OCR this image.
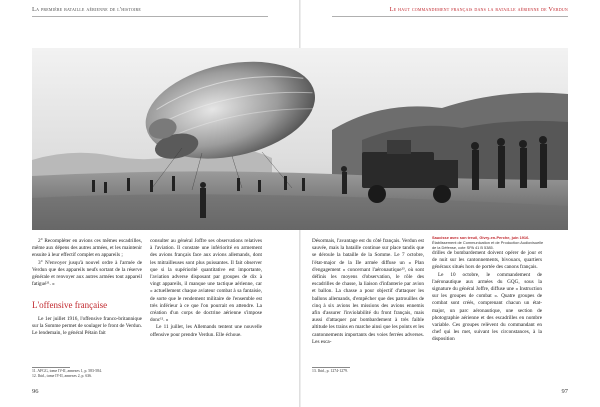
La première bataille aérienne de l'histoire	Le haut commandement français dans la bataille aérienne de Verdun

2° Recompléter en avions ces mêmes escadrilles, même aux dépens des autres armées, et les maintenir ensuite à leur effectif complet en appareils ;

3° N'envoyer jusqu'à nouvel ordre à l'armée de Verdun que des appareils neufs sortant de la réserve générale et renvoyer aux autres armées tout appareil fatigué¹¹. »

L'offensive française

Le 1er juillet 1916, l'offensive franco-britannique sur la Somme permet de soulager le front de Verdun. Le lendemain, le général Pétain fait

consulter au général Joffre ses observations relatives à l'aviation. Il constate une infériorité en armement des avions français face aux avions allemands, dont les mitrailleuses sont plus puissantes. Il fait observer que si la supériorité quantitative est importante, l'aviation adverse disposant par groupes de dix à vingt appareils, il manque une tactique aérienne, car « actuellement chaque aviateur combat à sa fantaisie, de sorte que le rendement militaire de l'ensemble est très inférieur à ce que l'on pourrait en attendre. La création d'un corps de doctrine aérienne s'impose donc¹². »

Le 11 juillet, les Allemands tentent une nouvelle offensive pour prendre Verdun. Elle échoue.

11. AFGG, tome IV-II, annexes 1, p. 583-584.
12. Ibid., tome IV-II, annexes 2, p. 636.

Désormais, l'avantage est du côté français. Verdun est sauvée, mais la bataille continue sur place tandis que se déroule la bataille de la Somme. Le 7 octobre, l'état-major de la IIe armée diffuse un « Plan d'engagement » concernant l'aéronautique¹³, où sont définis les moyens d'observation, le rôle des escadrilles de chasse, la liaison d'infanterie par avion et ballon. La chasse a pour objectif d'attaquer les ballons allemands, d'empêcher que des patrouilles de cinq à six avions les missions des avions ennemis afin d'assurer l'inviolabilité du front français, mais aussi d'attaquer par bombardement à très faible altitude les trains en marche ainsi que les points et les cantonnements importants des voies ferrées adverses. Les esca-

Saucisse avec son treuil, Givry-en-Perche, juin 1916.
Établissement de Communication et de Production Audiovisuelle de la Défense, cote SPA 41 B 5385.

drilles de bombardement doivent opérer de jour et de nuit sur les cantonnements, bivouacs, quartiers généraux situés hors de portée des canons français.

Le 10 octobre, le commandement de l'aéronautique aux armées du GQG, sous la signature du général Joffre, diffuse une « Instruction sur les groupes de combat ». Quatre groupes de combat sont créés, comprenant chacun un état-major, un parc aéronautique, une section de photographie aérienne et des escadrilles en nombre variable. Ces groupes relèvent du commandant en chef qui les met, suivant les circonstances, à la disposition

13. Ibid., p. 1274-1279.
96	97
